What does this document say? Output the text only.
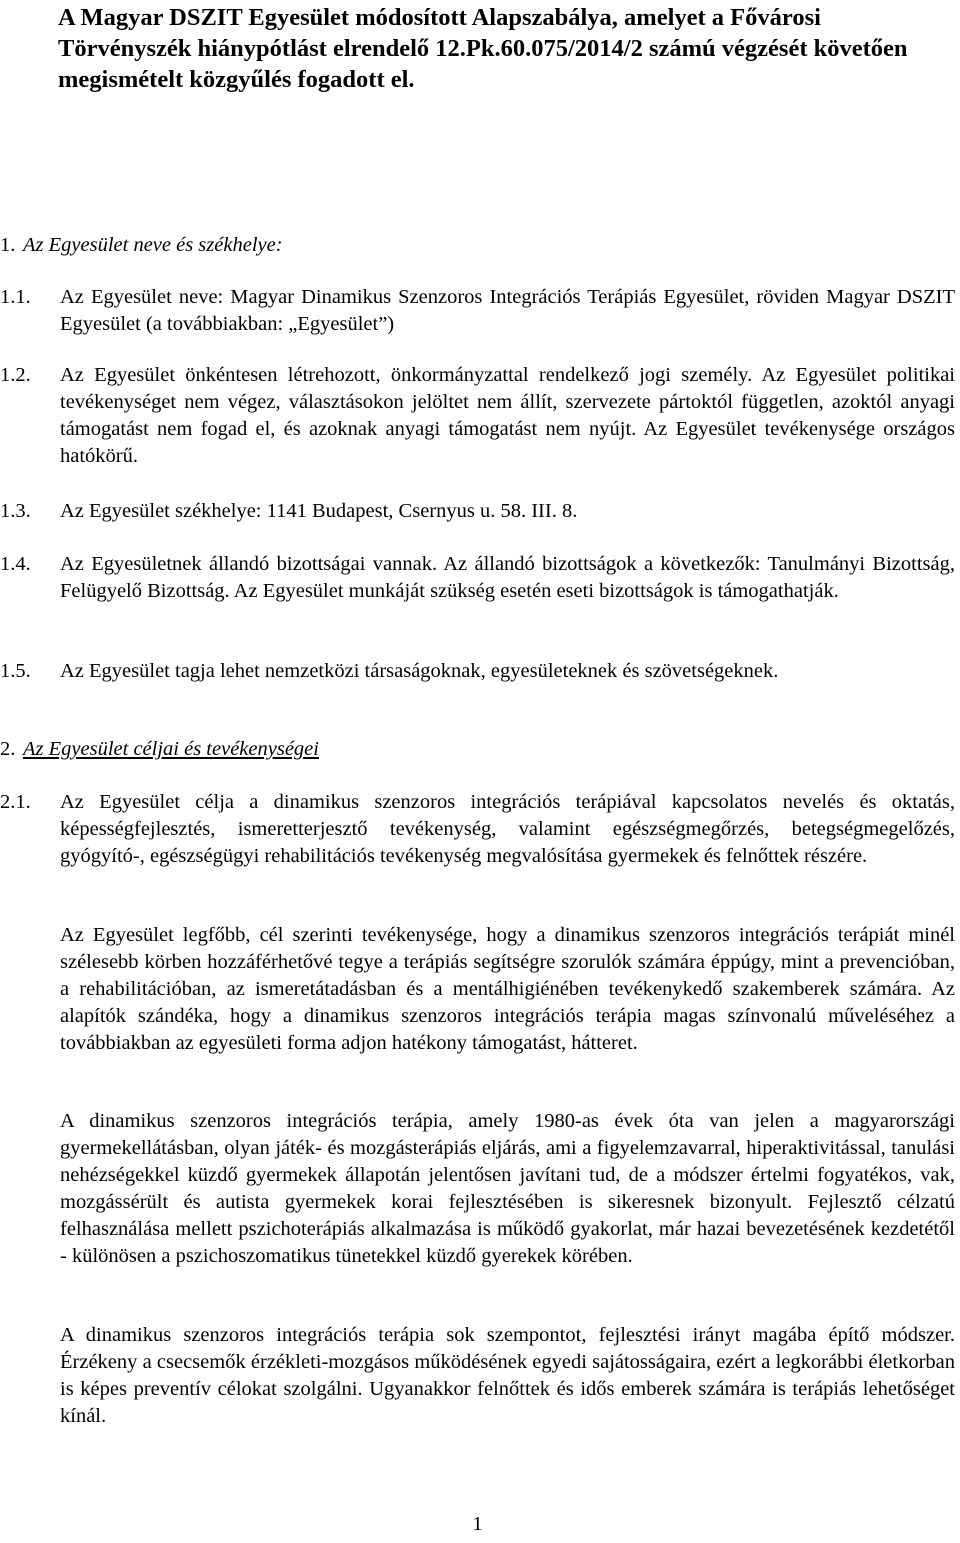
A Magyar DSZIT Egyesület módosított Alapszabálya, amelyet a Fővárosi Törvényszék hiánypótlást elrendelő 12.Pk.60.075/2014/2 számú végzését követően megismételt közgyűlés fogadott el.
1. Az Egyesület neve és székhelye:
1.1. Az Egyesület neve: Magyar Dinamikus Szenzoros Integrációs Terápiás Egyesület, röviden Magyar DSZIT Egyesület (a továbbiakban: „Egyesület”)
1.2. Az Egyesület önkéntesen létrehozott, önkormányzattal rendelkező jogi személy. Az Egyesület politikai tevékenységet nem végez, választásokon jelöltet nem állít, szervezete pártoktól független, azoktól anyagi támogatást nem fogad el, és azoknak anyagi támogatást nem nyújt. Az Egyesület tevékenysége országos hatókörű.
1.3. Az Egyesület székhelye: 1141 Budapest, Csernyus u. 58. III. 8.
1.4. Az Egyesületnek állandó bizottságai vannak. Az állandó bizottságok a következők: Tanulmányi Bizottság, Felügyelő Bizottság. Az Egyesület munkáját szükség esetén eseti bizottságok is támogathatják.
1.5. Az Egyesület tagja lehet nemzetközi társaságoknak, egyesületeknek és szövetségeknek.
2. Az Egyesület céljai és tevékenységei
2.1. Az Egyesület célja a dinamikus szenzoros integrációs terápiával kapcsolatos nevelés és oktatás, képességfejlesztés, ismeretterjesztő tevékenység, valamint egészségmegőrzés, betegségmegelőzés, gyógyító-, egészségügyi rehabilitációs tevékenység megvalósítása gyermekek és felnőttek részére.

Az Egyesület legfőbb, cél szerinti tevékenysége, hogy a dinamikus szenzoros integrációs terápiát minél szélesebb körben hozzáférhetővé tegye a terápiás segítségre szorulók számára éppúgy, mint a prevencióban, a rehabilitációban, az ismeretátadásban és a mentálhigiénében tevékenykedő szakemberek számára. Az alapítók szándéka, hogy a dinamikus szenzoros integrációs terápia magas színvonalú műveléséhez a továbbiakban az egyesületi forma adjon hatékony támogatást, hátteret.

A dinamikus szenzoros integrációs terápia, amely 1980-as évek óta van jelen a magyarországi gyermekellátásban, olyan játék- és mozgásterápiás eljárás, ami a figyelemzavarral, hiperaktivitással, tanulási nehézségekkel küzdő gyermekek állapotán jelentősen javítani tud, de a módszer értelmi fogyatékos, vak, mozgássérült és autista gyermekek korai fejlesztésében is sikeresnek bizonyult. Fejlesztő célzatú felhasználása mellett pszichoterápiás alkalmazása is működő gyakorlat, már hazai bevezetésének kezdetétől - különösen a pszichoszomatikus tünetekkel küzdő gyerekek körében.

A dinamikus szenzoros integrációs terápia sok szempontot, fejlesztési irányt magába építő módszer. Érzékeny a csecsemők érzékleti-mozgásos működésének egyedi sajátosságaira, ezért a legkorábbi életkorban is képes preventív célokat szolgálni. Ugyanakkor felnőttek és idős emberek számára is terápiás lehetőséget kínál.

1
